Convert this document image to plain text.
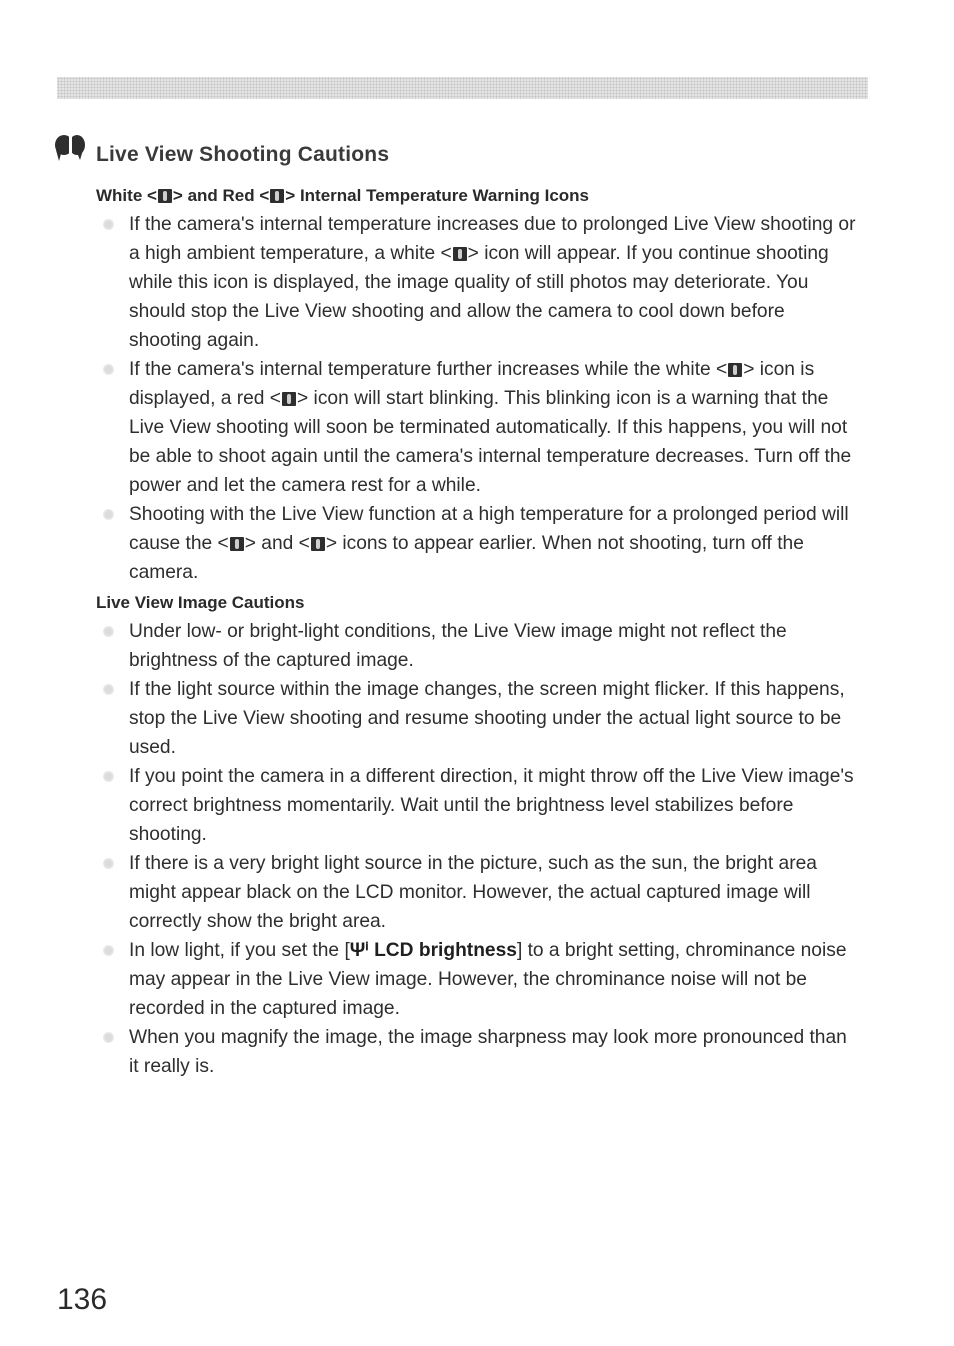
Live View Shooting Cautions

White < > and Red < > Internal Temperature Warning Icons

If the camera's internal temperature increases due to prolonged Live View shooting or a high ambient temperature, a white < > icon will appear. If you continue shooting while this icon is displayed, the image quality of still photos may deteriorate. You should stop the Live View shooting and allow the camera to cool down before shooting again.
If the camera's internal temperature further increases while the white < > icon is displayed, a red < > icon will start blinking. This blinking icon is a warning that the Live View shooting will soon be terminated automatically. If this happens, you will not be able to shoot again until the camera's internal temperature decreases. Turn off the power and let the camera rest for a while.
Shooting with the Live View function at a high temperature for a prolonged period will cause the < > and < > icons to appear earlier. When not shooting, turn off the camera.

Live View Image Cautions

Under low- or bright-light conditions, the Live View image might not reflect the brightness of the captured image.
If the light source within the image changes, the screen might flicker. If this happens, stop the Live View shooting and resume shooting under the actual light source to be used.
If you point the camera in a different direction, it might throw off the Live View image's correct brightness momentarily. Wait until the brightness level stabilizes before shooting.
If there is a very bright light source in the picture, such as the sun, the bright area might appear black on the LCD monitor. However, the actual captured image will correctly show the bright area.
In low light, if you set the [Ψⁱ LCD brightness] to a bright setting, chrominance noise may appear in the Live View image. However, the chrominance noise will not be recorded in the captured image.
When you magnify the image, the image sharpness may look more pronounced than it really is.
136
